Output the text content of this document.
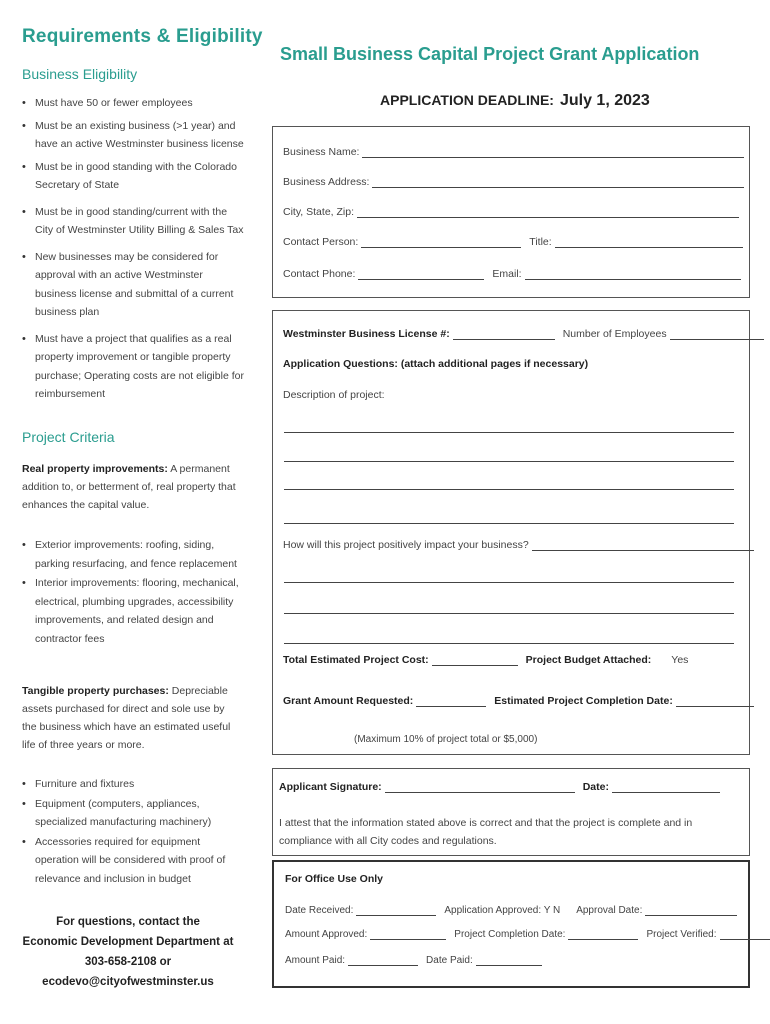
Requirements & Eligibility
Business Eligibility
• Must have 50 or fewer employees
• Must be an existing business (>1 year) and have an active Westminster business license
• Must be in good standing with the Colorado Secretary of State
• Must be in good standing/current with the City of Westminster Utility Billing & Sales Tax
• New businesses may be considered for approval with an active Westminster business license and submittal of a current business plan
• Must have a project that qualifies as a real property improvement or tangible property purchase; Operating costs are not eligible for reimbursement
Project Criteria
Real property improvements: A permanent addition to, or betterment of, real property that enhances the capital value.
• Exterior improvements: roofing, siding, parking resurfacing, and fence replacement
• Interior improvements: flooring, mechanical, electrical, plumbing upgrades, accessibility improvements, and related design and contractor fees
Tangible property purchases: Depreciable assets purchased for direct and sole use by the business which have an estimated useful life of three years or more.
• Furniture and fixtures
• Equipment (computers, appliances, specialized manufacturing machinery)
• Accessories required for equipment operation will be considered with proof of relevance and inclusion in budget
For questions, contact the
Economic Development Department at
303-658-2108 or
ecodevo@cityofwestminster.us
Small Business Capital Project Grant Application
APPLICATION DEADLINE: July 1, 2023
Business Name:
Business Address:
City, State, Zip:
Contact Person:	Title:
Contact Phone:	Email:
Westminster Business License #:	Number of Employees
Application Questions: (attach additional pages if necessary)
Description of project:
How will this project positively impact your business?
Total Estimated Project Cost:	Project Budget Attached: Yes
Grant Amount Requested:	Estimated Project Completion Date:
(Maximum 10% of project total or $5,000)
Applicant Signature:	Date:
I attest that the information stated above is correct and that the project is complete and in compliance with all City codes and regulations.
For Office Use Only
Date Received:	Application Approved: Y N Approval Date:
Amount Approved:	Project Completion Date:	Project Verified:
Amount Paid:	Date Paid:
